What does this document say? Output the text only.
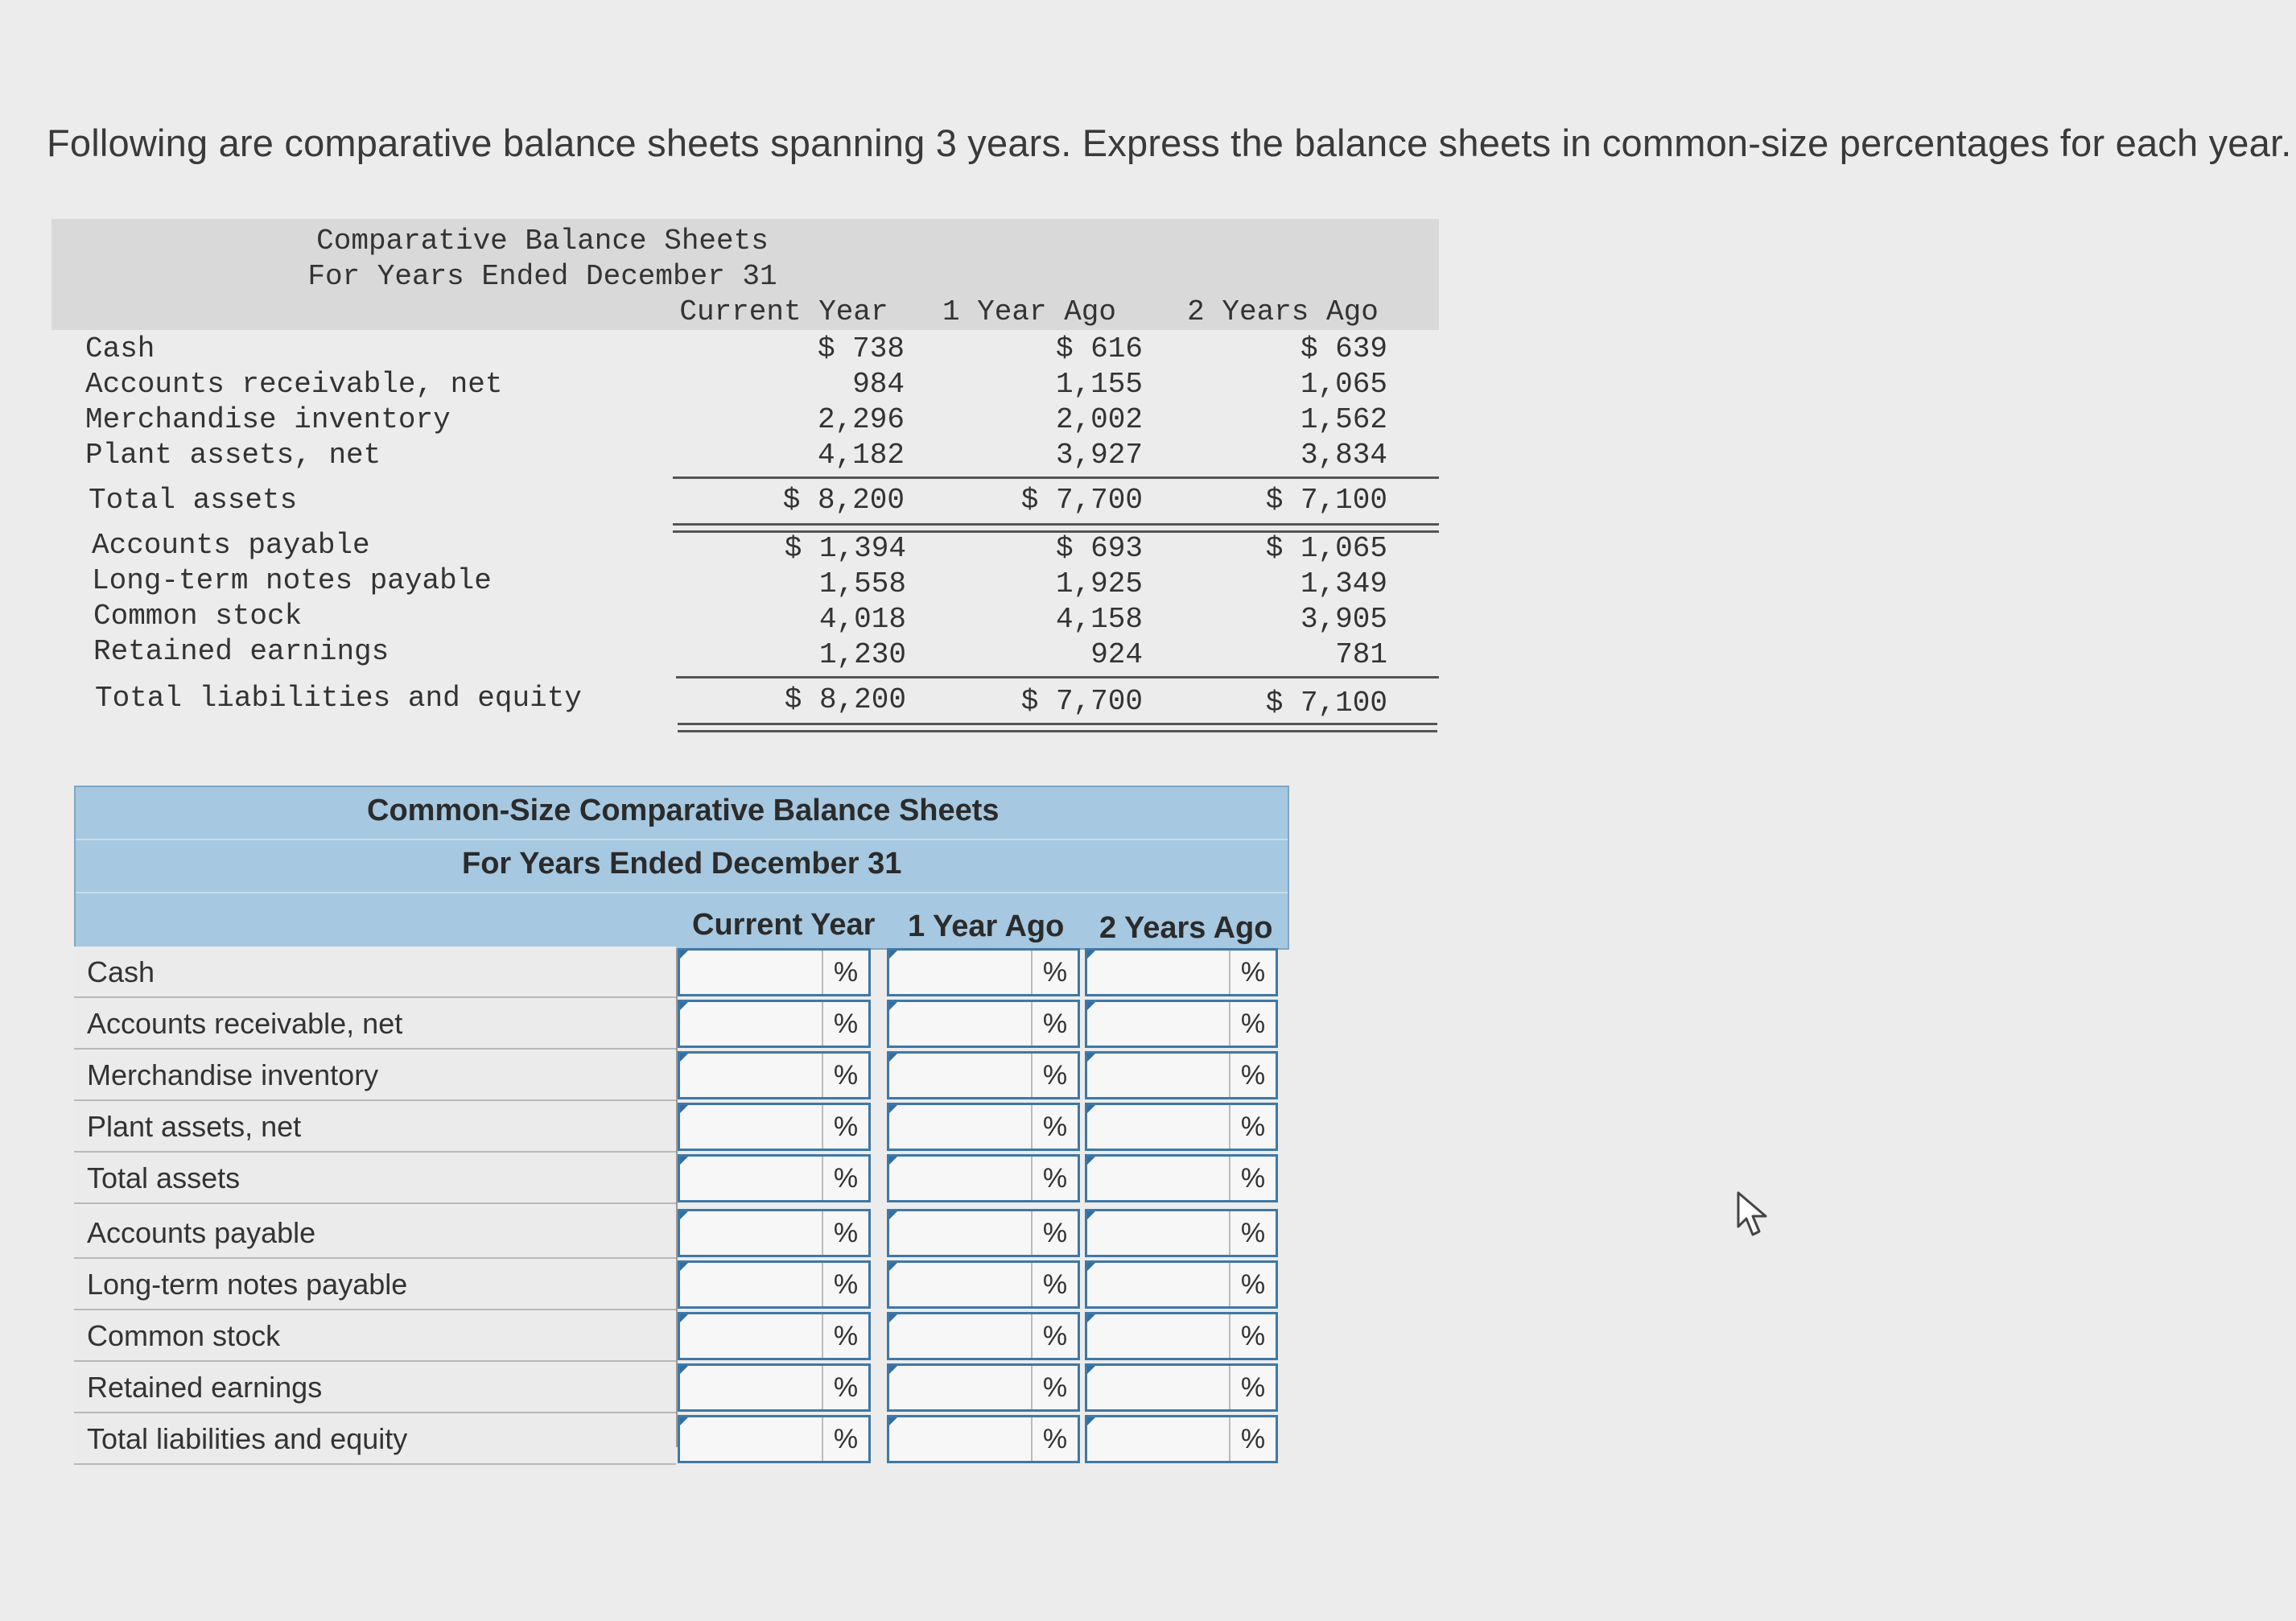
Following are comparative balance sheets spanning 3 years. Express the balance sheets in common-size percentages for each year.
Comparative Balance Sheets
For Years Ended December 31
Current Year	1 Year Ago	2 Years Ago
Cash	$ 738	$ 616	$ 639
Accounts receivable, net	984	1,155	1,065
Merchandise inventory	2,296	2,002	1,562
Plant assets, net	4,182	3,927	3,834
Total assets	$ 8,200	$ 7,700	$ 7,100
Accounts payable	$ 1,394	$ 693	$ 1,065
Long-term notes payable	1,558	1,925	1,349
Common stock	4,018	4,158	3,905
Retained earnings	1,230	924	781
Total liabilities and equity	$ 8,200	$ 7,700	$ 7,100
Common-Size Comparative Balance Sheets
For Years Ended December 31
Current Year 1 Year Ago 2 Years Ago
Cash	%	%	%
Accounts receivable, net	%	%	%
Merchandise inventory	%	%	%
Plant assets, net	%	%	%
Total assets	%	%	%
Accounts payable	%	%	%
Long-term notes payable	%	%	%
Common stock	%	%	%
Retained earnings	%	%	%
Total liabilities and equity	%	%	%
